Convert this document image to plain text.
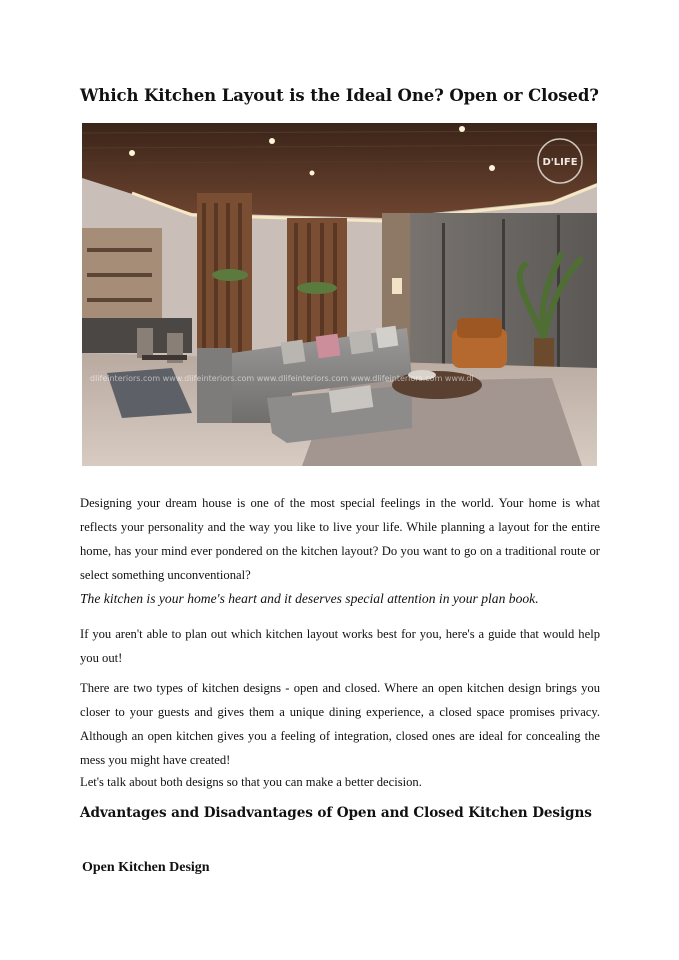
Which Kitchen Layout is the Ideal One? Open or Closed?
D'LIFE
dlifeinteriors.com www.dlifeinteriors.com www.dlifeinteriors.com www.dlifeinteriors.com www.dl

Designing your dream house is one of the most special feelings in the world. Your home is what reflects your personality and the way you like to live your life. While planning a layout for the entire home, has your mind ever pondered on the kitchen layout? Do you want to go on a traditional route or select something unconventional?

The kitchen is your home's heart and it deserves special attention in your plan book.

If you aren't able to plan out which kitchen layout works best for you, here's a guide that would help you out!

There are two types of kitchen designs - open and closed. Where an open kitchen design brings you closer to your guests and gives them a unique dining experience, a closed space promises privacy. Although an open kitchen gives you a feeling of integration, closed ones are ideal for concealing the mess you might have created!

Let's talk about both designs so that you can make a better decision.

Advantages and Disadvantages of Open and Closed Kitchen Designs
Open Kitchen Design
